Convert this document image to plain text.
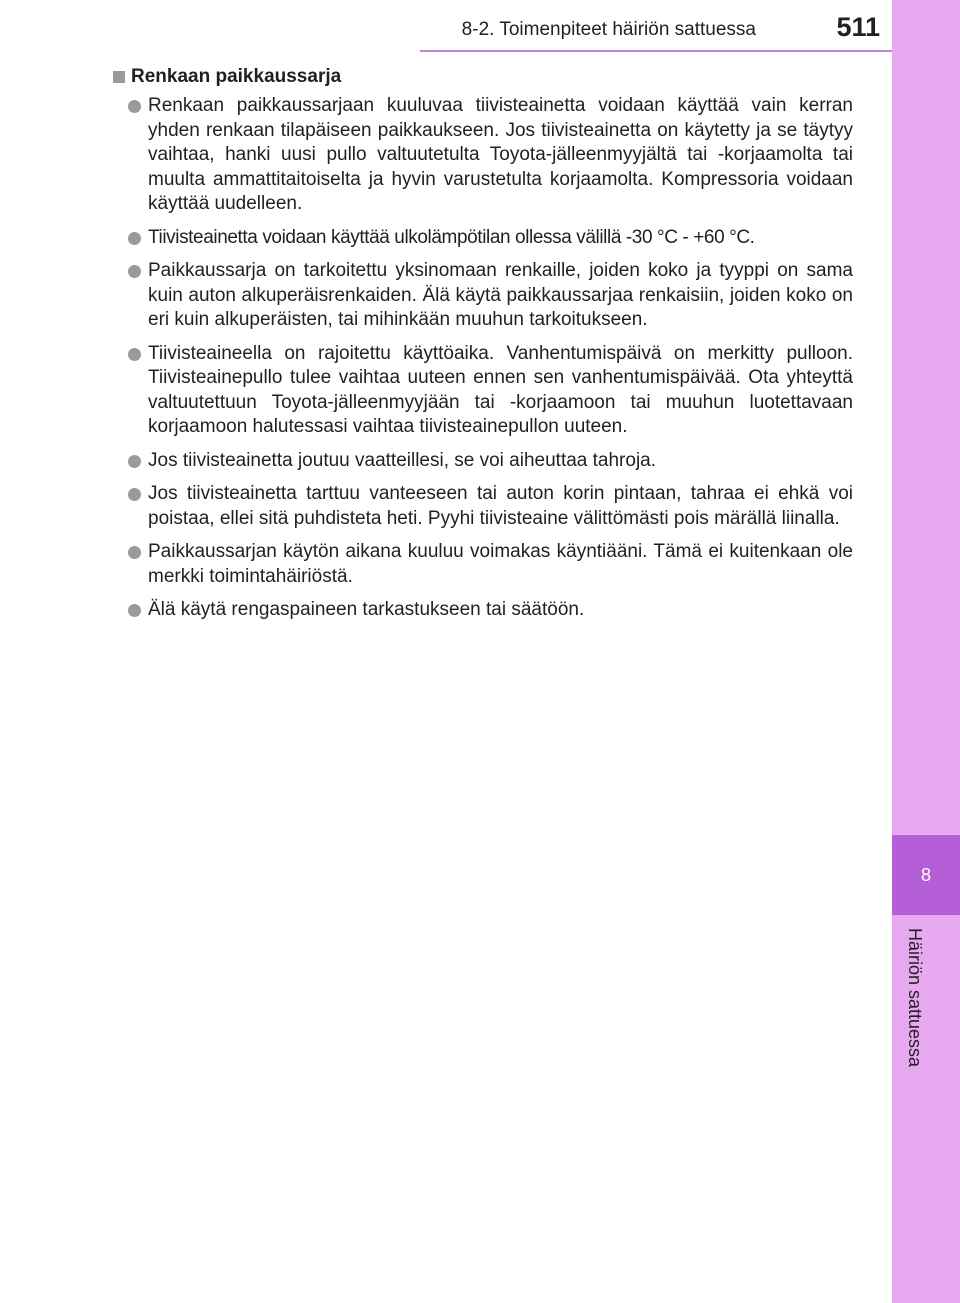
8-2. Toimenpiteet häiriön sattuessa	511
8
Häiriön sattuessa
Renkaan paikkaussarja
Renkaan paikkaussarjaan kuuluvaa tiivisteainetta voidaan käyttää vain kerran yhden renkaan tilapäiseen paikkaukseen. Jos tiivisteainetta on käytetty ja se täytyy vaihtaa, hanki uusi pullo valtuutetulta Toyota-jälleenmyyjältä tai -korjaamolta tai muulta ammattitaitoiselta ja hyvin varustetulta korjaamolta. Kompressoria voidaan käyttää uudelleen.
Tiivisteainetta voidaan käyttää ulkolämpötilan ollessa välillä -30 °C - +60 °C.
Paikkaussarja on tarkoitettu yksinomaan renkaille, joiden koko ja tyyppi on sama kuin auton alkuperäisrenkaiden. Älä käytä paikkaussarjaa renkaisiin, joiden koko on eri kuin alkuperäisten, tai mihinkään muuhun tarkoitukseen.
Tiivisteaineella on rajoitettu käyttöaika. Vanhentumispäivä on merkitty pulloon. Tiivisteainepullo tulee vaihtaa uuteen ennen sen vanhentumispäivää. Ota yhteyttä valtuutettuun Toyota-jälleenmyyjään tai -korjaamoon tai muuhun luotettavaan korjaamoon halutessasi vaihtaa tiivisteainepullon uuteen.
Jos tiivisteainetta joutuu vaatteillesi, se voi aiheuttaa tahroja.
Jos tiivisteainetta tarttuu vanteeseen tai auton korin pintaan, tahraa ei ehkä voi poistaa, ellei sitä puhdisteta heti. Pyyhi tiivisteaine välittömästi pois märällä liinalla.
Paikkaussarjan käytön aikana kuuluu voimakas käyntiääni. Tämä ei kuitenkaan ole merkki toimintahäiriöstä.
Älä käytä rengaspaineen tarkastukseen tai säätöön.
